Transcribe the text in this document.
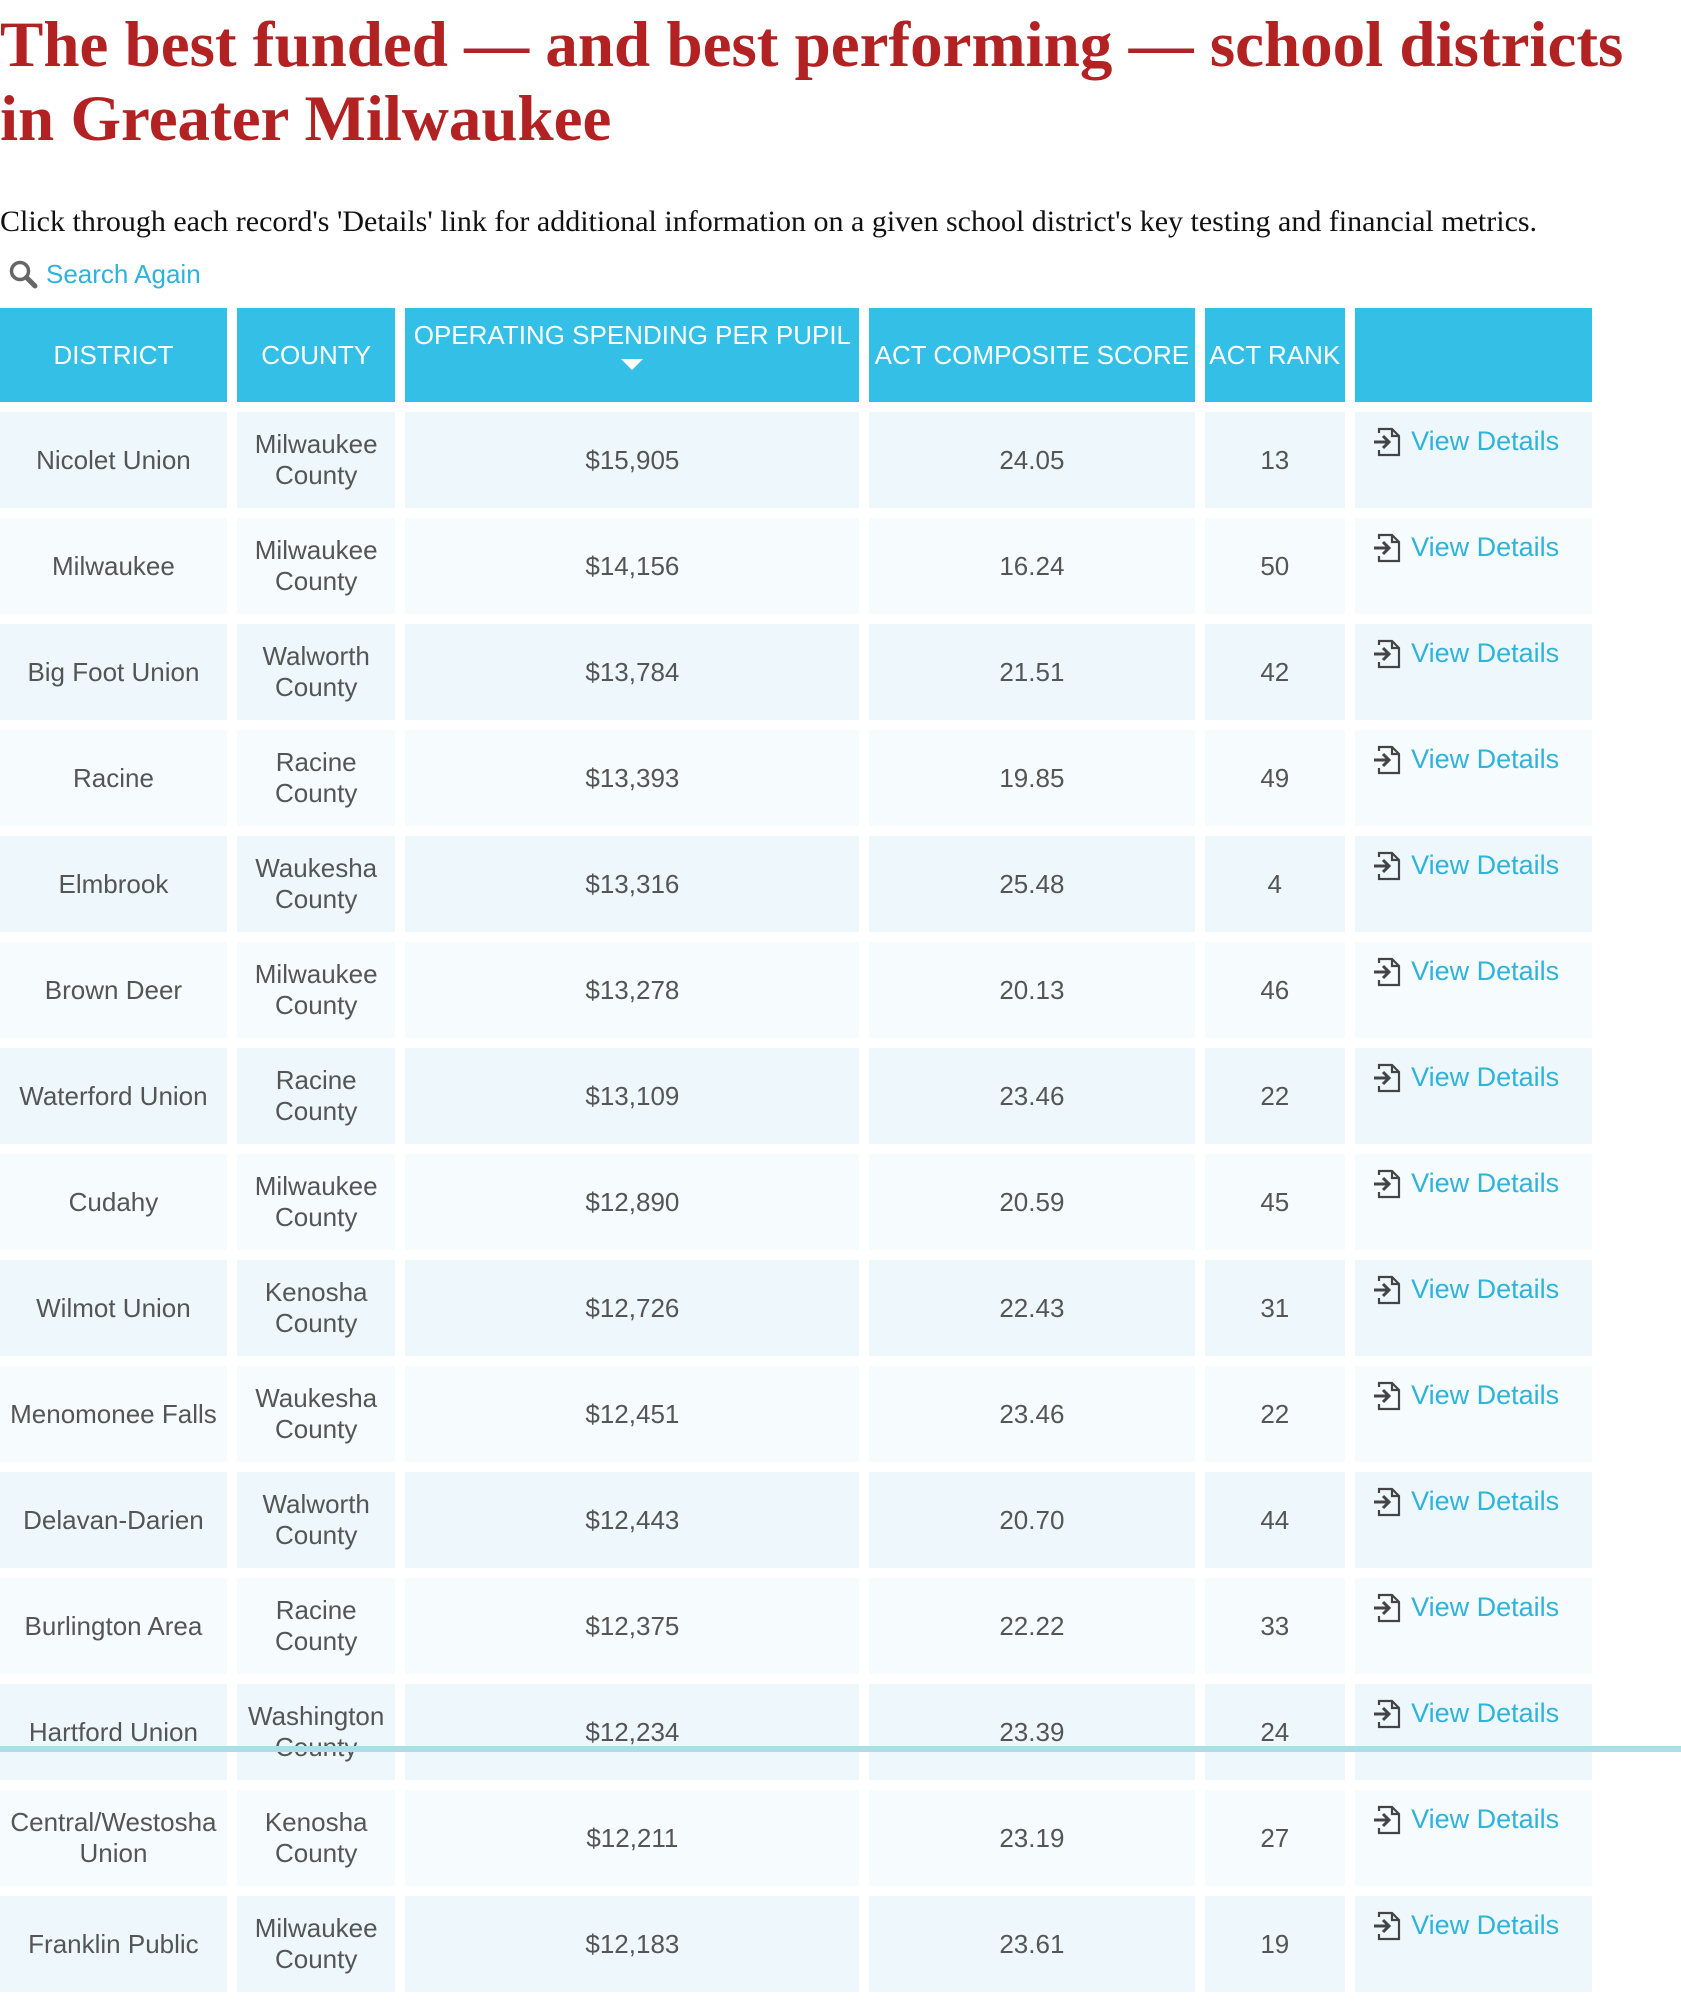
The best funded — and best performing — school districts in Greater Milwaukee

Click through each record's 'Details' link for additional information on a given school district's key testing and financial metrics.

Search Again
DISTRICT	COUNTY	OPERATING SPENDING PER PUPIL	ACT COMPOSITE SCORE	ACT RANK	
Nicolet Union	Milwaukee County	$15,905	24.05	13	View Details

Milwaukee	Milwaukee County	$14,156	16.24	50	View Details

Big Foot Union	Walworth County	$13,784	21.51	42	View Details

Racine	Racine County	$13,393	19.85	49	View Details

Elmbrook	Waukesha County	$13,316	25.48	4	View Details

Brown Deer	Milwaukee County	$13,278	20.13	46	View Details

Waterford Union	Racine County	$13,109	23.46	22	View Details

Cudahy	Milwaukee County	$12,890	20.59	45	View Details

Wilmot Union	Kenosha County	$12,726	22.43	31	View Details

Menomonee Falls	Waukesha County	$12,451	23.46	22	View Details

Delavan-Darien	Walworth County	$12,443	20.70	44	View Details

Burlington Area	Racine County	$12,375	22.22	33	View Details

Hartford Union	Washington	$12,234	23.39	24	View Details

Central/Westosha Union	Kenosha County	$12,211	23.19	27	View Details

Franklin Public	Milwaukee County	$12,183	23.61	19	View Details
